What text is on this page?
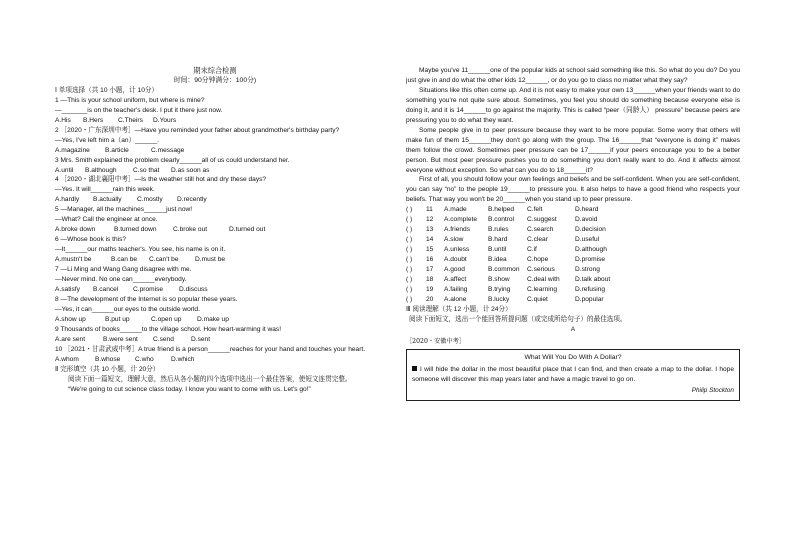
期末综合检测
时间：90分钟满分：100分)
Ⅰ 单项选择（共 10 小题，计 10分）
1 —This is your school uniform, but where is mine?
—_______is on the teacher's desk. I put it there just now.
A.His	B.Hers	C.Theirs	D.Yours
2 ［2020・广东深圳中考］—Have you reminded your father about grandmother's birthday party?
—Yes, I've left him a（an）______.
A.magazine	B.article	C.message
3 Mrs. Smith explained the problem clearly______all of us could understand her.
A.until	B.although	C.so that	D.as soon as
4 ［2020・湖北襄阳中考］—Is the weather still hot and dry these days?
—Yes. It will______rain this week.
A.hardly	B.actually	C.mostly	D.recently
5 —Manager, all the machines______just now!
—What? Call the engineer at once.
A.broke down	B.turned down	C.broke out	D.turned out
6 —Whose book is this?
—It______our maths teacher's. You see, his name is on it.
A.mustn't be	B.can be	C.can't be	D.must be
7 —Li Ming and Wang Gang disagree with me.
—Never mind. No one can______everybody.
A.satisfy	B.cancel	C.promise	D.discuss
8 —The development of the Internet is so popular these years.
—Yes, it can______our eyes to the outside world.
A.show up	B.put up	C.open up	D.make up
9 Thousands of books______to the village school. How heart-warming it was!
A.are sent	B.were sent	C.send	D.sent
10 ［2021・甘肃武威中考］A true friend is a person______reaches for your hand and touches your heart.
A.whom	B.whose	C.who	D.which
Ⅱ 完形填空（共 10 小题，计 20分）
阅读下面一篇短文，理解大意，然后从各小题的四个选项中选出一个最佳答案，使短文连贯完整。
“We're going to cut science class today. I know you want to come with us. Let's go!”
Maybe you've 11______one of the popular kids at school said something like this. So what do you do? Do you just give in and do what the other kids 12______, or do you go to class no matter what they say?
Situations like this often come up. And it is not easy to make your own 13______when your friends want to do something you're not quite sure about. Sometimes, you feel you should do something because everyone else is doing it, and it is 14______to go against the majority. This is called “peer（同龄人） pressure” because peers are pressuring you to do what they want.
Some people give in to peer pressure because they want to be more popular. Some worry that others will make fun of them 15______they don't go along with the group. The 16______that “everyone is doing it” makes them follow the crowd. Sometimes peer pressure can be 17______if your peers encourage you to be a better person. But most peer pressure pushes you to do something you don't really want to do. And it affects almost everyone without exception. So what can you do to 18______it?
First of all, you should follow your own feelings and beliefs and be self-confident. When you are self-confident, you can say “no” to the people 19______to pressure you. It also helps to have a good friend who respects your beliefs. That way you won't be 20______when you stand up to peer pressure.
( )	11	A.made	B.helped	C.felt	D.heard
( )	12	A.complete	B.control	C.suggest	D.avoid
( )	13	A.friends	B.rules	C.search	D.decision
( )	14	A.slow	B.hard	C.clear	D.useful
( )	15	A.unless	B.until	C.if	D.although
( )	16	A.doubt	B.idea	C.hope	D.promise
( )	17	A.good	B.common	C.serious	D.strong
( )	18	A.affect	B.show	C.deal with	D.talk about
( )	19	A.failing	B.trying	C.learning	D.refusing
( )	20	A.alone	B.lucky	C.quiet	D.popular
Ⅲ 阅读理解（共 12 小题，计 24分）
阅读下面短文，选出一个能回答所提问题（或完成所给句子）的最佳选项。
A
［2020・安徽中考］
What Will You Do With A Dollar?
I will hide the dollar in the most beautiful place that I can find, and then create a map to the dollar. I hope someone will discover this map years later and have a magic travel to go on.
Philip Stockton
